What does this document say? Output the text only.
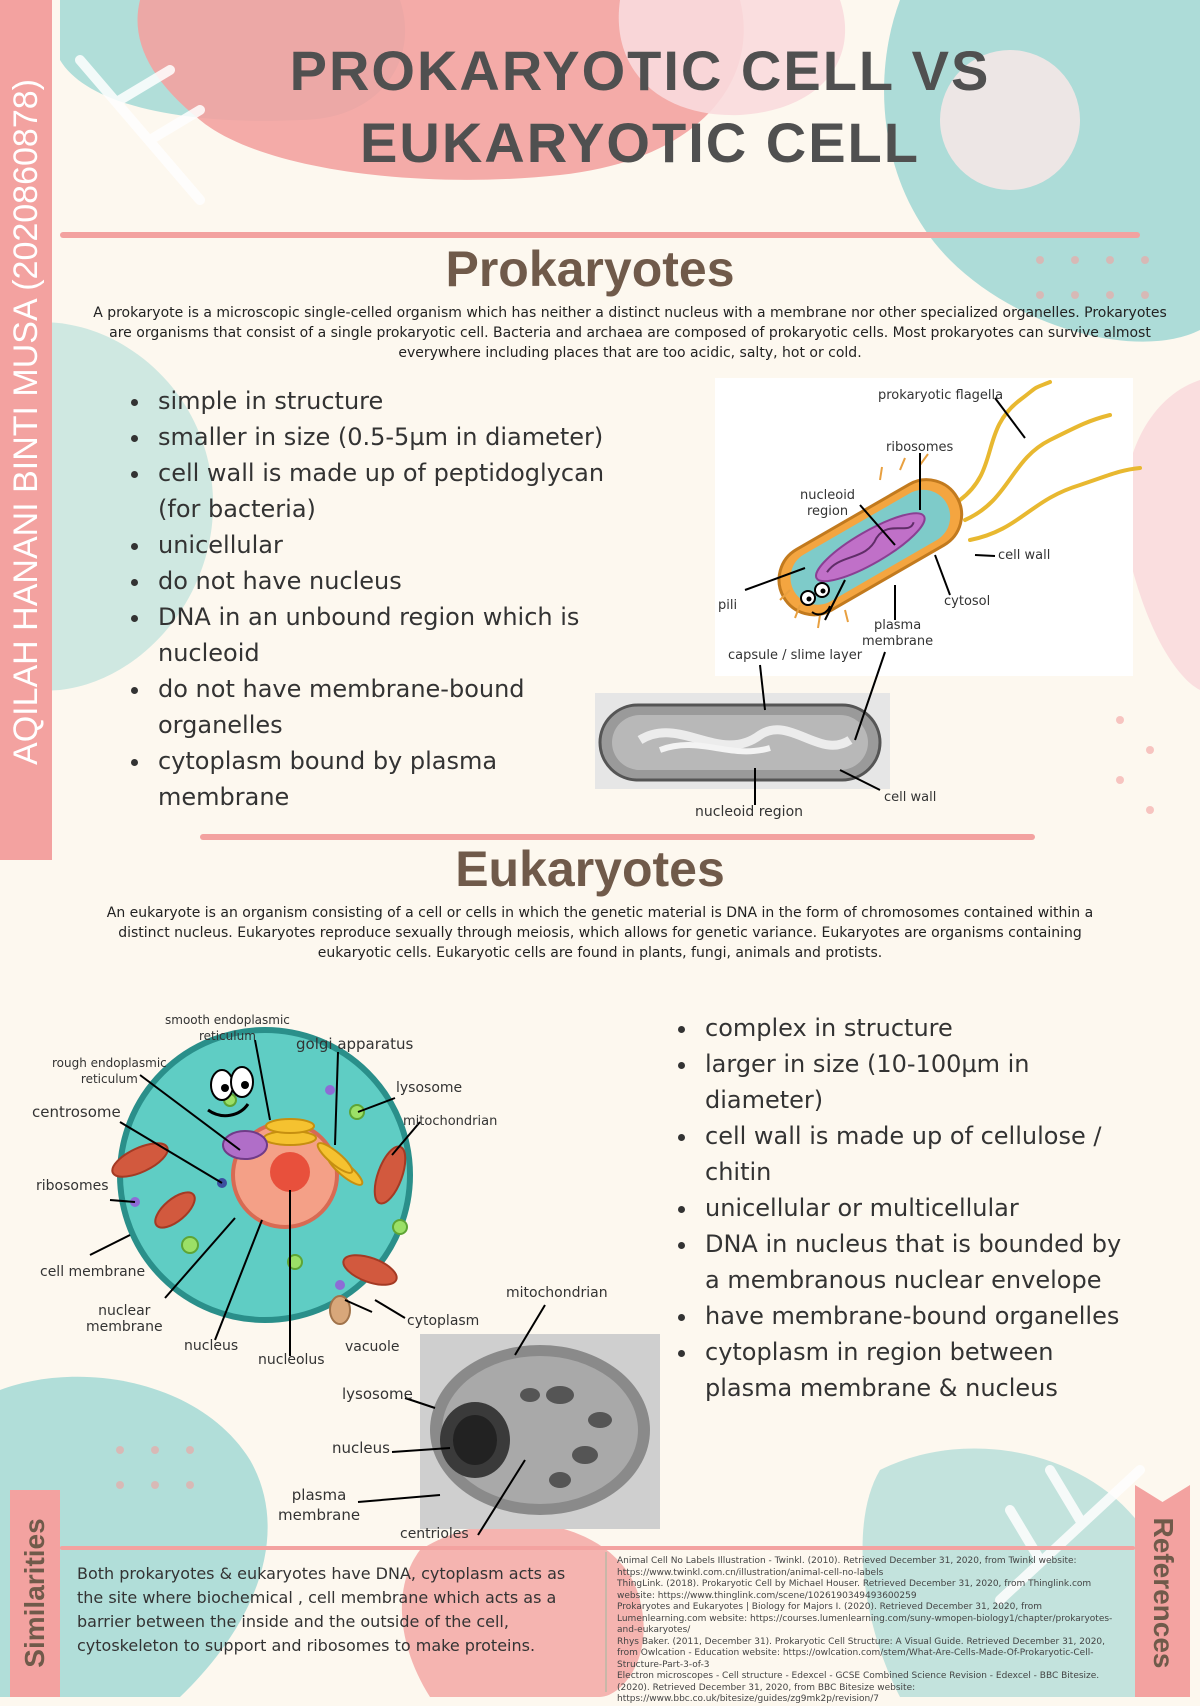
AQILAH HANANI BINTI MUSA (2020860878)
PROKARYOTIC CELL VS
EUKARYOTIC CELL
Prokaryotes

A prokaryote is a microscopic single-celled organism which has neither a distinct nucleus with a membrane nor other specialized organelles. Prokaryotes are organisms that consist of a single prokaryotic cell. Bacteria and archaea are composed of prokaryotic cells. Most prokaryotes can survive almost everywhere including places that are too acidic, salty, hot or cold.

• simple in structure
• smaller in size (0.5-5µm in diameter)
• cell wall is made up of peptidoglycan (for bacteria)
• unicellular
• do not have nucleus
• DNA in an unbound region which is nucleoid
• do not have membrane-bound organelles
• cytoplasm bound by plasma membrane
prokaryotic flagella
ribosomes
nucleoid
region
cell wall
cytosol
pili
plasma
membrane
capsule / slime layer
nucleoid region
cell wall
Eukaryotes

An eukaryote is an organism consisting of a cell or cells in which the genetic material is DNA in the form of chromosomes contained within a distinct nucleus. Eukaryotes reproduce sexually through meiosis, which allows for genetic variance. Eukaryotes are organisms containing eukaryotic cells. Eukaryotic cells are found in plants, fungi, animals and protists.

• complex in structure
• larger in size (10-100µm in diameter)
• cell wall is made up of cellulose / chitin
• unicellular or multicellular
• DNA in nucleus that is bounded by a membranous nuclear envelope
• have membrane-bound organelles
• cytoplasm in region between plasma membrane & nucleus
smooth endoplasmic
reticulum	golgi apparatus
rough endoplasmic
reticulum
lysosome
centrosome
mitochondrian
ribosomes
cell membrane
nuclear
membrane
nucleus
nucleolus
vacuole
cytoplasm
mitochondrian
lysosome
nucleus
plasma
membrane
centrioles
Similarities	Both prokaryotes & eukaryotes have DNA, cytoplasm acts as the site where biochemical , cell membrane which acts as a barrier between the inside and the outside of the cell, cytoskeleton to support and ribosomes to make proteins.
Animal Cell No Labels Illustration - Twinkl. (2010). Retrieved December 31, 2020, from Twinkl website: https://www.twinkl.com.cn/illustration/animal-cell-no-labels
ThingLink. (2018). Prokaryotic Cell by Michael Houser. Retrieved December 31, 2020, from Thinglink.com website: https://www.thinglink.com/scene/1026190349493600259
Prokaryotes and Eukaryotes | Biology for Majors I. (2020). Retrieved December 31, 2020, from Lumenlearning.com website: https://courses.lumenlearning.com/suny-wmopen-biology1/chapter/prokaryotes-and-eukaryotes/
Rhys Baker. (2011, December 31). Prokaryotic Cell Structure: A Visual Guide. Retrieved December 31, 2020, from Owlcation - Education website: https://owlcation.com/stem/What-Are-Cells-Made-Of-Prokaryotic-Cell-Structure-Part-3-of-3
Electron microscopes - Cell structure - Edexcel - GCSE Combined Science Revision - Edexcel - BBC Bitesize. (2020). Retrieved December 31, 2020, from BBC Bitesize website: https://www.bbc.co.uk/bitesize/guides/zg9mk2p/revision/7
References
